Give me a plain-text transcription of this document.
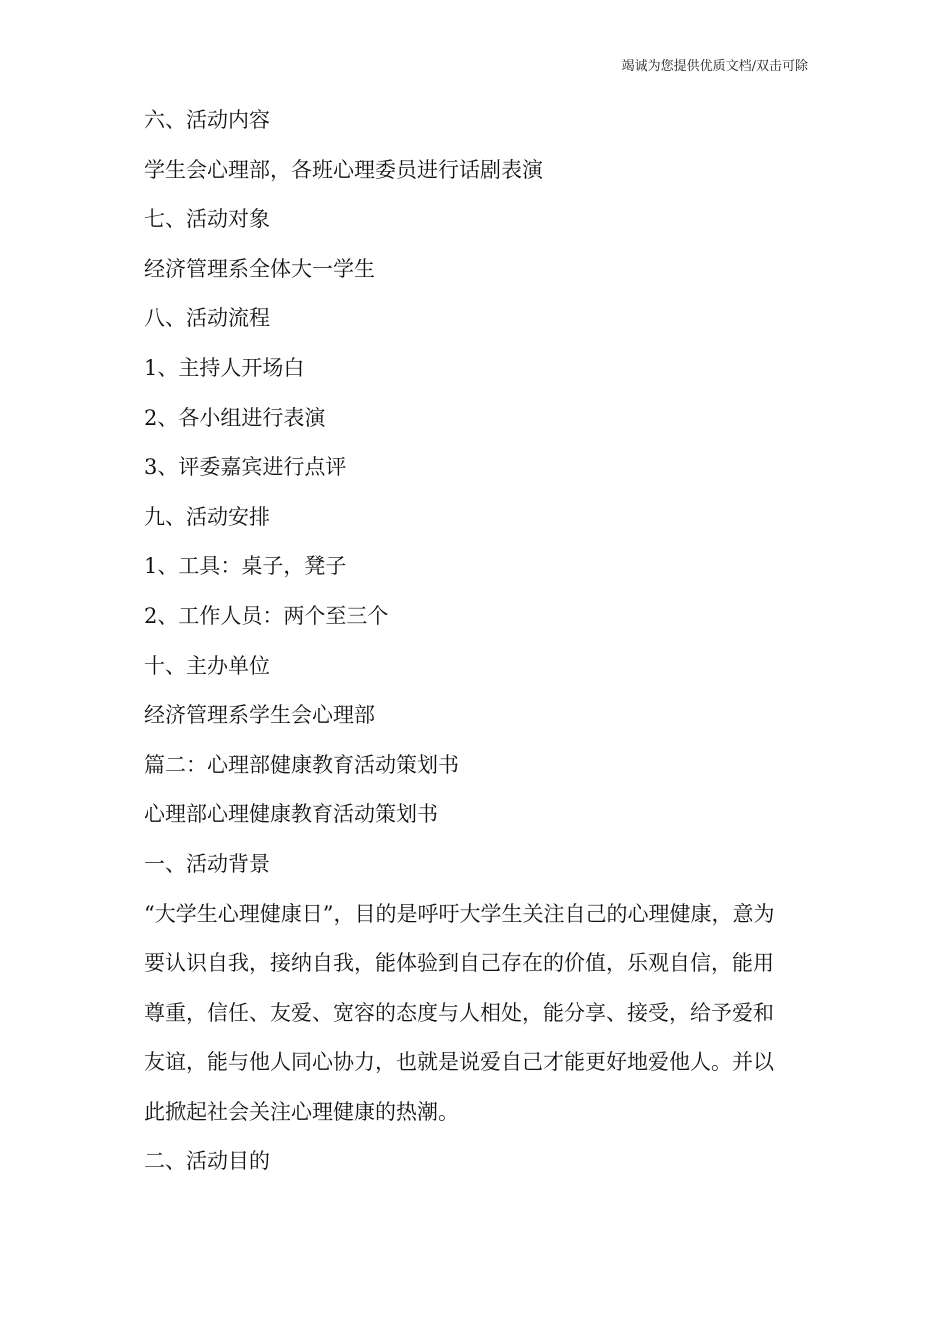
竭诚为您提供优质文档/双击可除
六、活动内容
学生会心理部，各班心理委员进行话剧表演
七、活动对象
经济管理系全体大一学生
八、活动流程
1、主持人开场白
2、各小组进行表演
3、评委嘉宾进行点评
九、活动安排
1、工具：桌子，凳子
2、工作人员：两个至三个
十、主办单位
经济管理系学生会心理部
篇二：心理部健康教育活动策划书
心理部心理健康教育活动策划书
一、活动背景
“大学生心理健康日”，目的是呼吁大学生关注自己的心理健康，意为
要认识自我，接纳自我，能体验到自己存在的价值，乐观自信，能用
尊重，信任、友爱、宽容的态度与人相处，能分享、接受，给予爱和
友谊，能与他人同心协力，也就是说爱自己才能更好地爱他人。并以
此掀起社会关注心理健康的热潮。
二、活动目的
